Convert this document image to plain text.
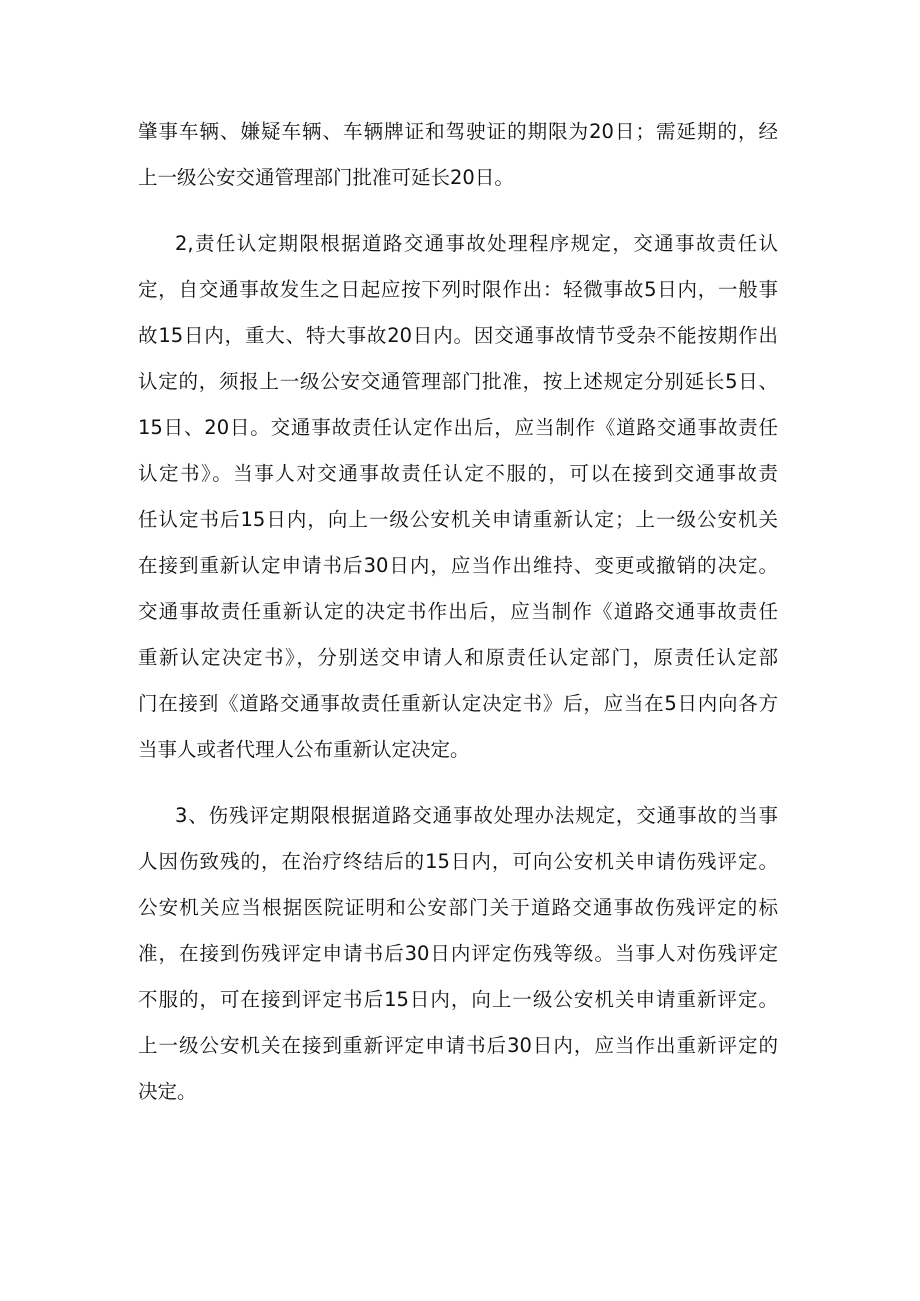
肇事车辆、嫌疑车辆、车辆牌证和驾驶证的期限为20日；需延期的，经
上一级公安交通管理部门批准可延长20日。
2,责任认定期限根据道路交通事故处理程序规定，交通事故责任认
定，自交通事故发生之日起应按下列时限作出：轻微事故5日内，一般事
故15日内，重大、特大事故20日内。因交通事故情节受杂不能按期作出
认定的，须报上一级公安交通管理部门批准，按上述规定分别延长5日、
15日、20日。交通事故责任认定作出后，应当制作《道路交通事故责任
认定书》。当事人对交通事故责任认定不服的，可以在接到交通事故责
任认定书后15日内，向上一级公安机关申请重新认定；上一级公安机关
在接到重新认定申请书后30日内，应当作出维持、变更或撤销的决定。
交通事故责任重新认定的决定书作出后，应当制作《道路交通事故责任
重新认定决定书》，分别送交申请人和原责任认定部门，原责任认定部
门在接到《道路交通事故责任重新认定决定书》后，应当在5日内向各方
当事人或者代理人公布重新认定决定。
3、伤残评定期限根据道路交通事故处理办法规定，交通事故的当事
人因伤致残的，在治疗终结后的15日内，可向公安机关申请伤残评定。
公安机关应当根据医院证明和公安部门关于道路交通事故伤残评定的标
准，在接到伤残评定申请书后30日内评定伤残等级。当事人对伤残评定
不服的，可在接到评定书后15日内，向上一级公安机关申请重新评定。
上一级公安机关在接到重新评定申请书后30日内，应当作出重新评定的
决定。
